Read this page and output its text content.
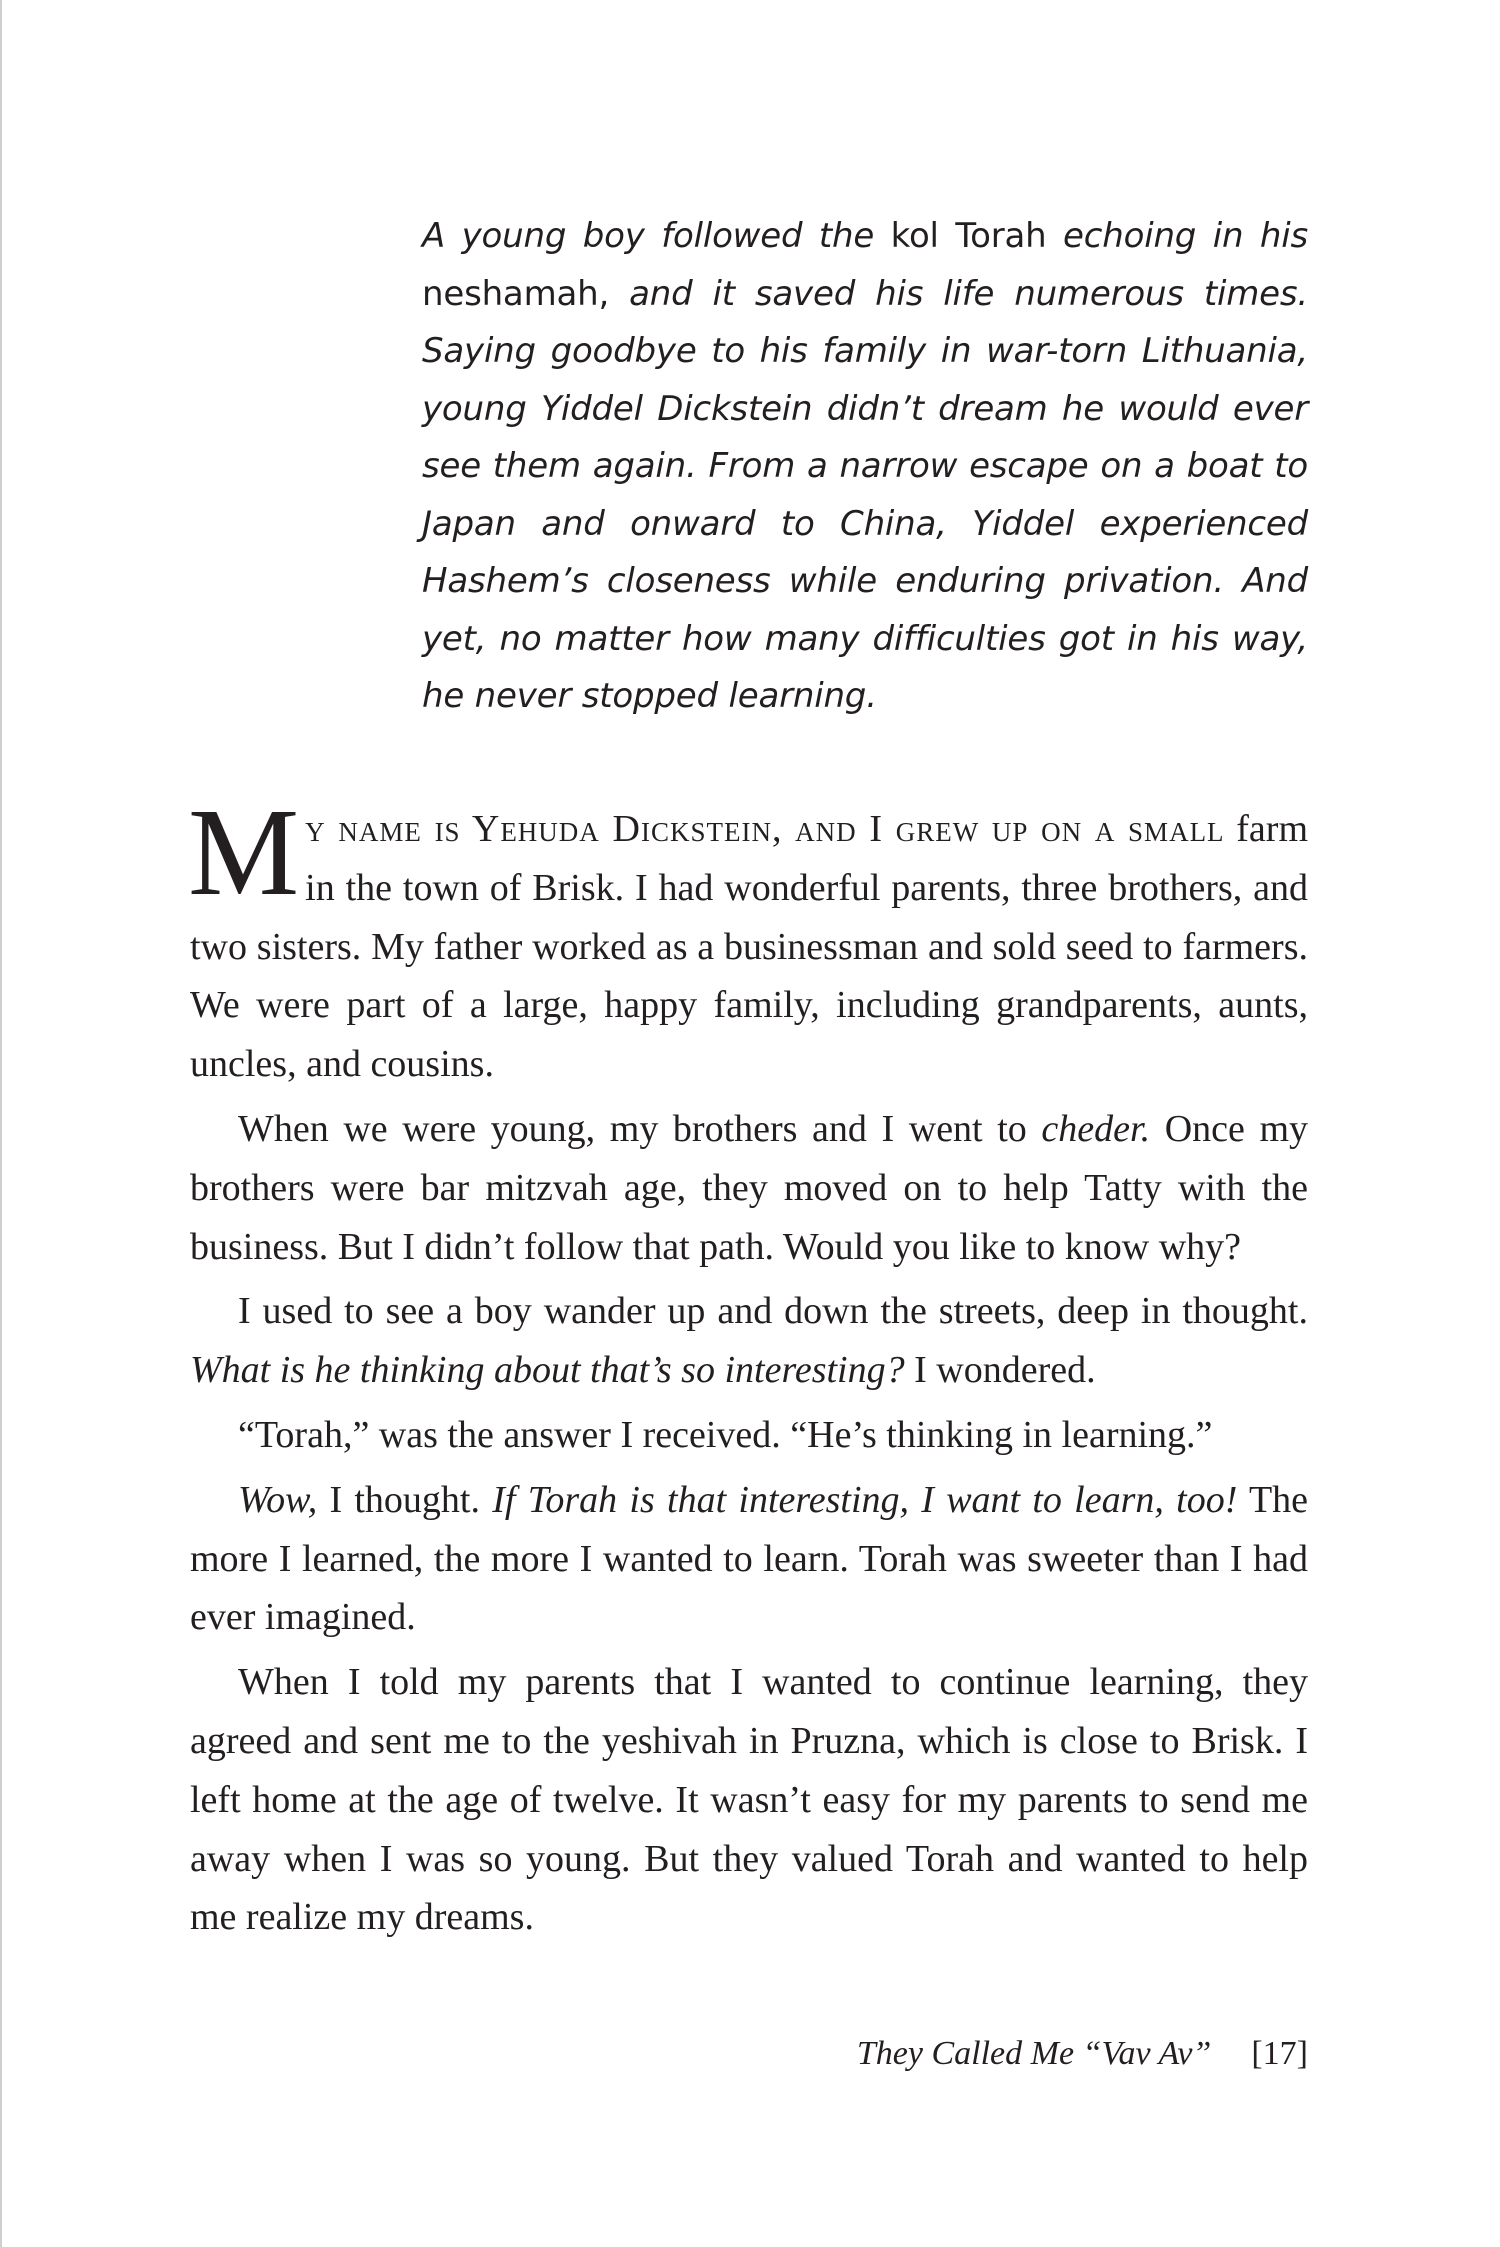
A young boy followed the kol Torah echoing in his neshamah, and it saved his life numerous times. Saying goodbye to his family in war-torn Lithuania, young Yiddel Dickstein didn’t dream he would ever see them again. From a narrow escape on a boat to Japan and onward to China, Yiddel experienced Hashem’s closeness while enduring privation. And yet, no matter how many difficulties got in his way, he never stopped learning.

My name is Yehuda Dickstein, and I grew up on a small farm in the town of Brisk. I had wonderful parents, three brothers, and two sisters. My father worked as a businessman and sold seed to farmers. We were part of a large, happy family, including grandparents, aunts, uncles, and cousins.

When we were young, my brothers and I went to cheder. Once my brothers were bar mitzvah age, they moved on to help Tatty with the business. But I didn’t follow that path. Would you like to know why?

I used to see a boy wander up and down the streets, deep in thought. What is he thinking about that’s so interesting? I wondered.

“Torah,” was the answer I received. “He’s thinking in learning.”

Wow, I thought. If Torah is that interesting, I want to learn, too! The more I learned, the more I wanted to learn. Torah was sweeter than I had ever imagined.

When I told my parents that I wanted to continue learning, they agreed and sent me to the yeshivah in Pruzna, which is close to Brisk. I left home at the age of twelve. It wasn’t easy for my parents to send me away when I was so young. But they valued Torah and wanted to help me realize my dreams.

They Called Me “Vav Av” [17]
